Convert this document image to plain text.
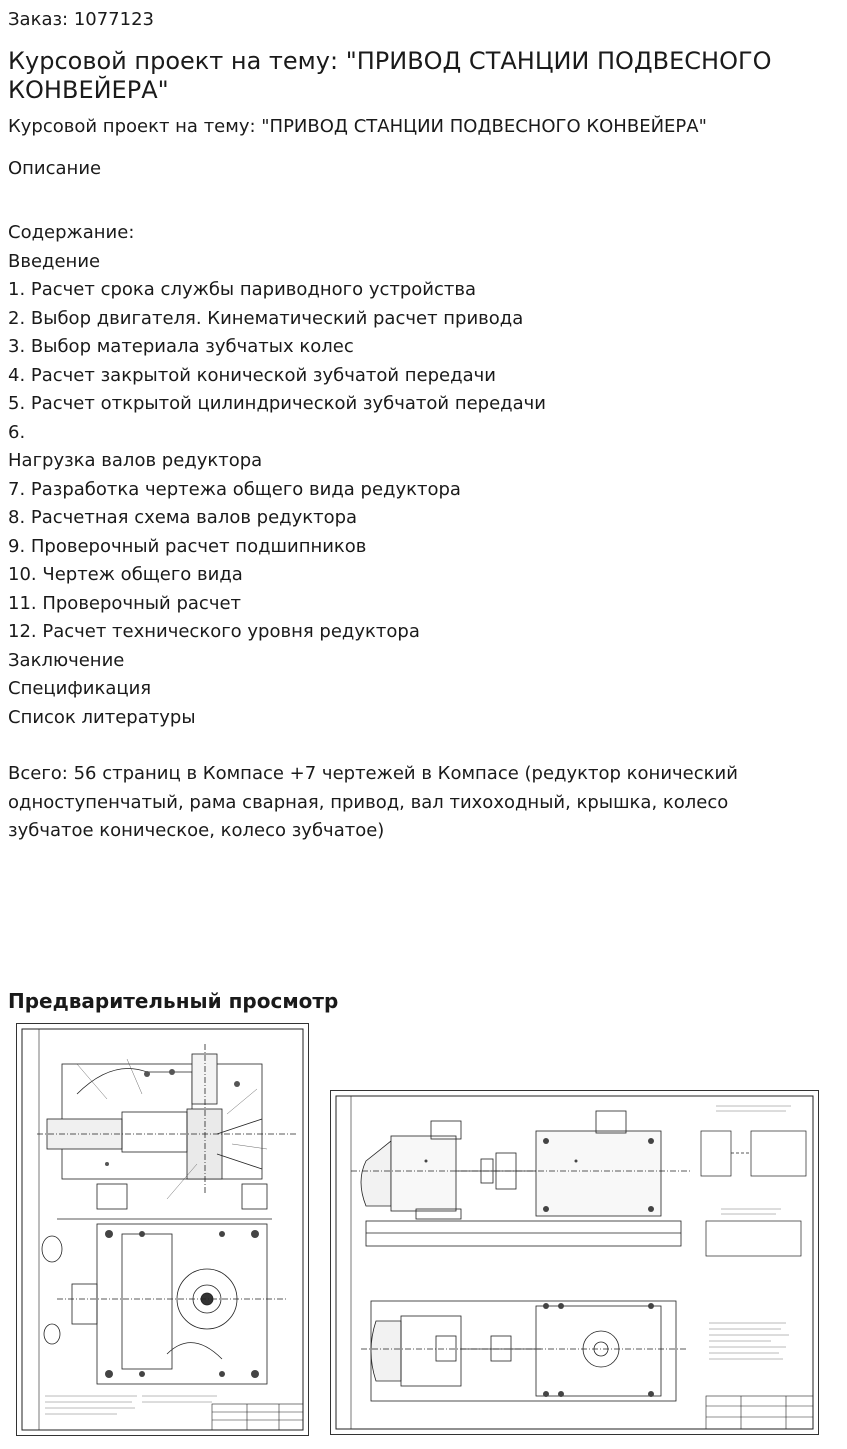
Заказ: 1077123
Курсовой проект на тему: "ПРИВОД СТАНЦИИ ПОДВЕСНОГО КОНВЕЙЕРА"
Курсовой проект на тему: "ПРИВОД СТАНЦИИ ПОДВЕСНОГО КОНВЕЙЕРА"
Описание
Содержание:
Введение
1. Расчет срока службы париводного устройства
2. Выбор двигателя. Кинематический расчет привода
3. Выбор материала зубчатых колес
4. Расчет закрытой конической зубчатой передачи
5. Расчет открытой цилиндрической зубчатой передачи
6.
Нагрузка валов редуктора
7. Разработка чертежа общего вида редуктора
8. Расчетная схема валов редуктора
9. Проверочный расчет подшипников
10. Чертеж общего вида
11. Проверочный расчет
12. Расчет технического уровня редуктора
Заключение
Спецификация
Список литературы
Всего: 56 страниц в Компасе +7 чертежей в Компасе (редуктор конический одноступенчатый, рама сварная, привод, вал тихоходный, крышка, колесо зубчатое коническое, колесо зубчатое)
Предварительный просмотр
